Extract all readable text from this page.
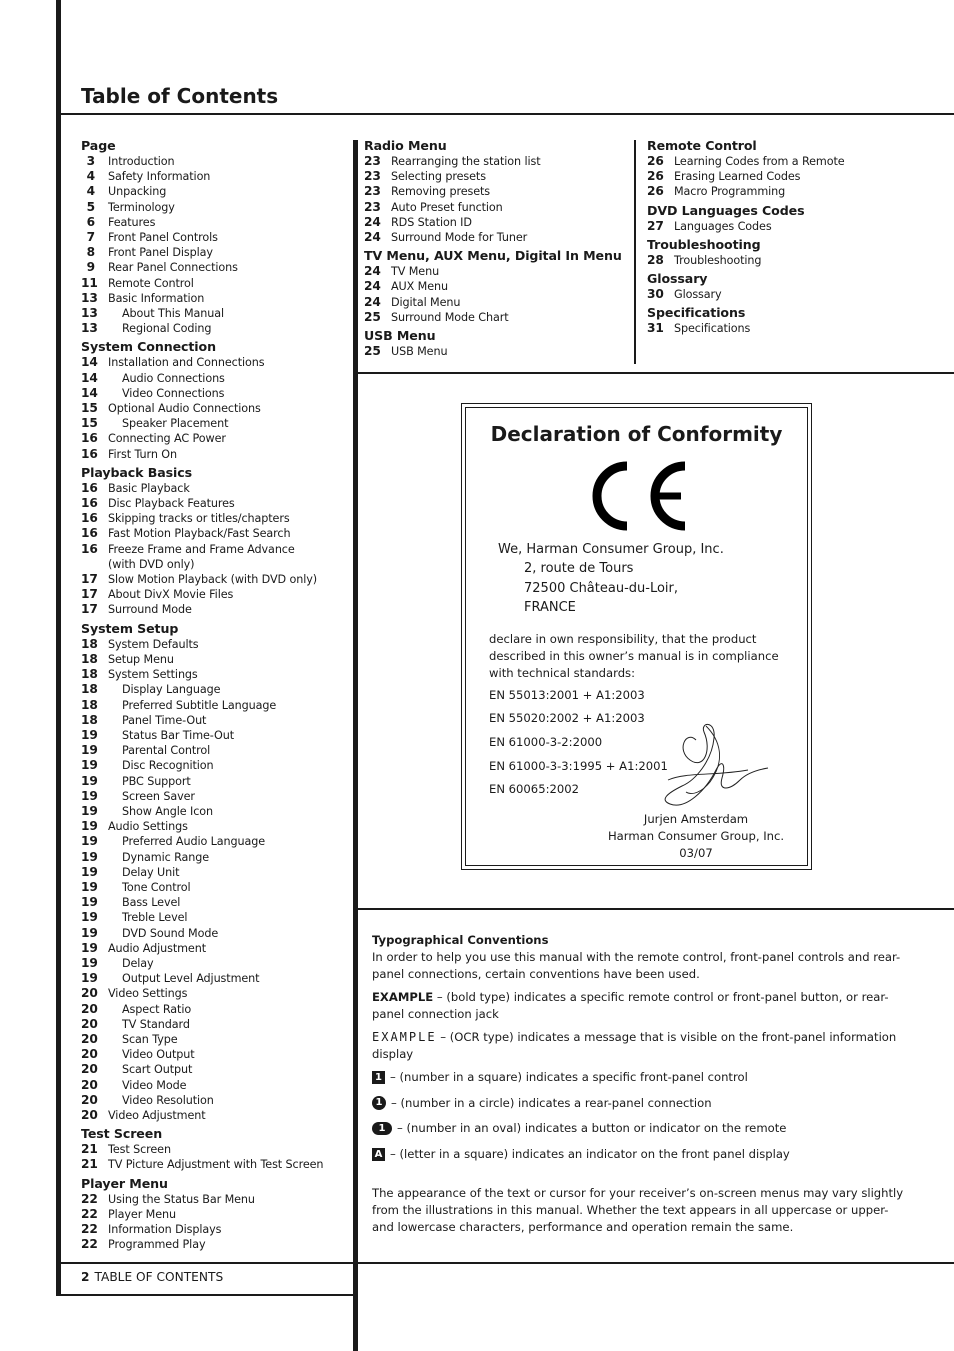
Table of Contents
Page
3 Introduction
4 Safety Information
4 Unpacking
5 Terminology
6 Features
7 Front Panel Controls
8 Front Panel Display
9 Rear Panel Connections
11 Remote Control
13 Basic Information
13	About This Manual
13	Regional Coding
System Connection
14 Installation and Connections
14	Audio Connections
14	Video Connections
15 Optional Audio Connections
15	Speaker Placement
16 Connecting AC Power
16 First Turn On
Playback Basics
16 Basic Playback
16 Disc Playback Features
16 Skipping tracks or titles/chapters
16 Fast Motion Playback/Fast Search
16 Freeze Frame and Frame Advance
(with DVD only)
17 Slow Motion Playback (with DVD only)
17 About DivX Movie Files
17 Surround Mode
System Setup
18 System Defaults
18 Setup Menu
18 System Settings
18	Display Language
18	Preferred Subtitle Language
18	Panel Time-Out
19	Status Bar Time-Out
19	Parental Control
19	Disc Recognition
19	PBC Support
19	Screen Saver
19	Show Angle Icon
19 Audio Settings
19	Preferred Audio Language
19	Dynamic Range
19	Delay Unit
19	Tone Control
19	Bass Level
19	Treble Level
19	DVD Sound Mode
19 Audio Adjustment
19	Delay
19	Output Level Adjustment
20 Video Settings
20	Aspect Ratio
20	TV Standard
20	Scan Type
20	Video Output
20	Scart Output
20	Video Mode
20	Video Resolution
20 Video Adjustment
Test Screen
21 Test Screen
21 TV Picture Adjustment with Test Screen
Player Menu
22 Using the Status Bar Menu
22 Player Menu
22 Information Displays
22 Programmed Play
Radio Menu
23 Rearranging the station list
23 Selecting presets
23 Removing presets
23 Auto Preset function
24 RDS Station ID
24 Surround Mode for Tuner
TV Menu, AUX Menu, Digital In Menu
24 TV Menu
24 AUX Menu
24 Digital Menu
25 Surround Mode Chart
USB Menu
25 USB Menu
Remote Control
26 Learning Codes from a Remote
26 Erasing Learned Codes
26 Macro Programming
DVD Languages Codes
27 Languages Codes
Troubleshooting
28 Troubleshooting
Glossary
30 Glossary
Specifications
31 Specifications
Declaration of Conformity
We, Harman Consumer Group, Inc.
2, route de Tours
72500 Château-du-Loir,
FRANCE
declare in own responsibility, that the product described in this owner’s manual is in compliance with technical standards:
EN 55013:2001 + A1:2003
EN 55020:2002 + A1:2003
EN 61000-3-2:2000
EN 61000-3-3:1995 + A1:2001
EN 60065:2002
Jurjen Amsterdam
Harman Consumer Group, Inc.
03/07
Typographical Conventions

In order to help you use this manual with the remote control, front-panel controls and rear-panel connections, certain conventions have been used.

EXAMPLE – (bold type) indicates a specific remote control or front-panel button, or rear-panel connection jack

EXAMPLE – (OCR type) indicates a message that is visible on the front-panel information display

1 – (number in a square) indicates a specific front-panel control
1 – (number in a circle) indicates a rear-panel connection
1 – (number in an oval) indicates a button or indicator on the remote
A – (letter in a square) indicates an indicator on the front panel display

The appearance of the text or cursor for your receiver’s on-screen menus may vary slightly from the illustrations in this manual. Whether the text appears in all uppercase or upper- and lowercase characters, performance and operation remain the same.

2 TABLE OF CONTENTS
